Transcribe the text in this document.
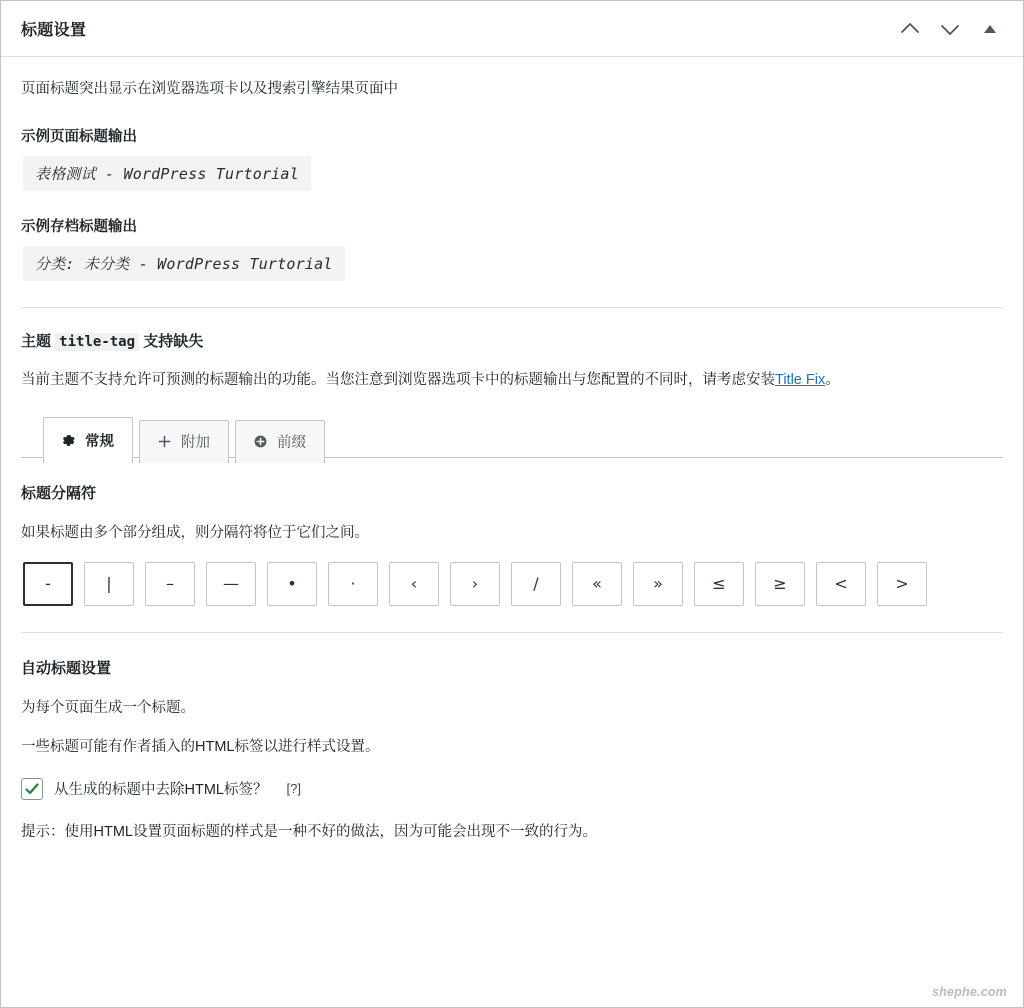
标题设置

页面标题突出显示在浏览器选项卡以及搜索引擎结果页面中

示例页面标题输出
表格测试 - WordPress Turtorial
示例存档标题输出
分类: 未分类 - WordPress Turtorial

主题 title-tag 支持缺失

当前主题不支持允许可预测的标题输出的功能。当您注意到浏览器选项卡中的标题输出与您配置的不同时，请考虑安装Title Fix。

常规	附加	前缀
标题分隔符

如果标题由多个部分组成，则分隔符将位于它们之间。

-	|	–	—	•	·	‹	›	/	«	»	≤	≥	<	>
自动标题设置

为每个页面生成一个标题。

一些标题可能有作者插入的HTML标签以进行样式设置。

从生成的标题中去除HTML标签？ [?]

提示：使用HTML设置页面标题的样式是一种不好的做法，因为可能会出现不一致的行为。

shephe.com
